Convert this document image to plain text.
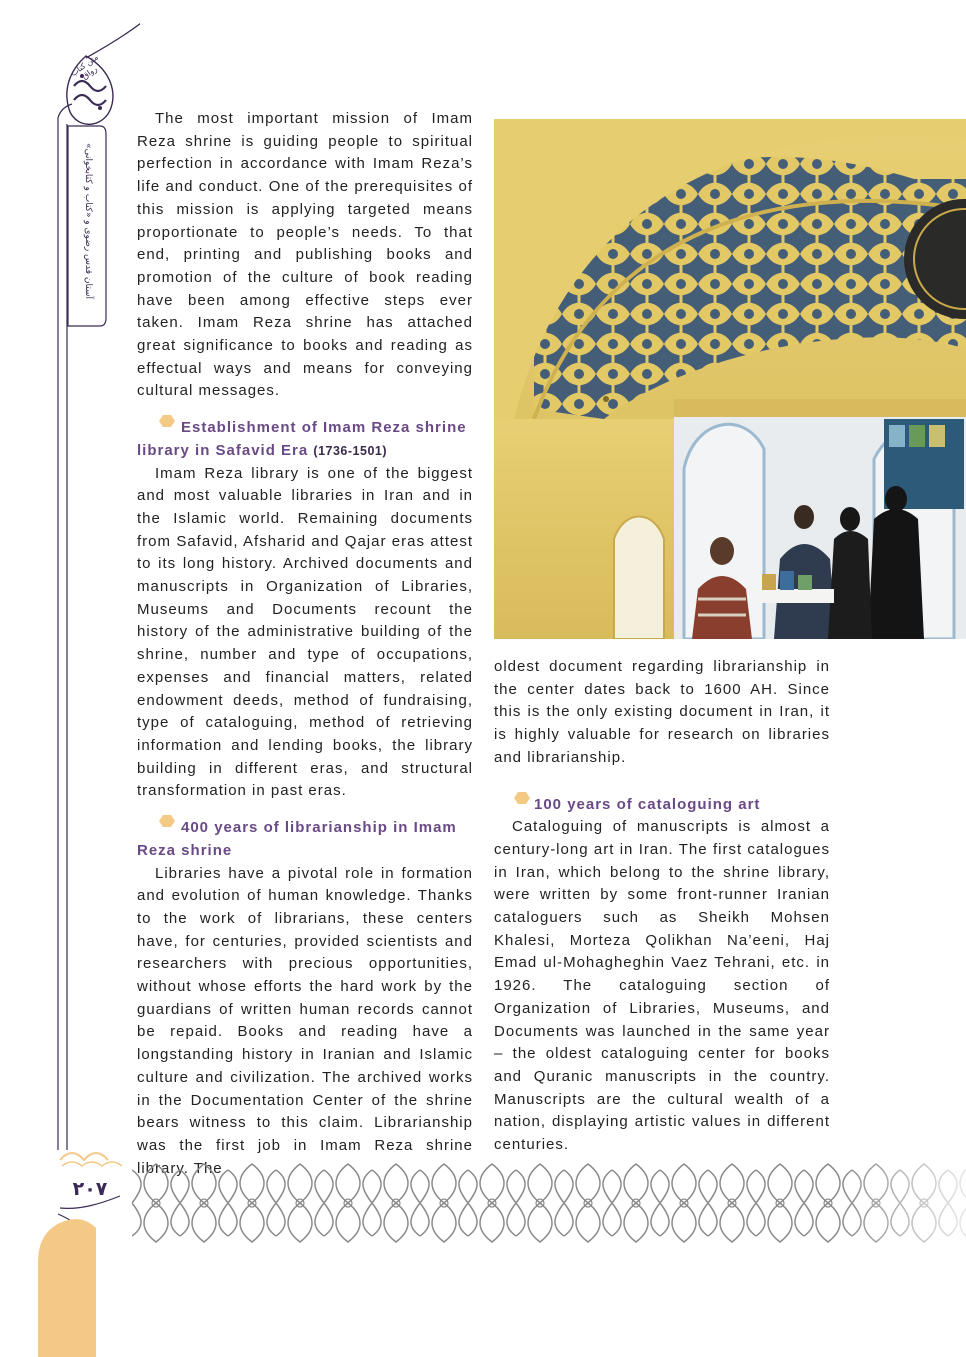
آستان قدس رضوی و «کتاب و کتابخوانی»
متن کتاب رواق
۲۰۷

The most important mission of Imam Reza shrine is guiding people to spiritual perfection in accordance with Imam Reza’s life and conduct. One of the prerequisites of this mission is applying targeted means proportionate to people’s needs. To that end, printing and publishing books and promotion of the culture of book reading have been among effective steps ever taken. Imam Reza shrine has attached great significance to books and reading as effectual ways and means for conveying cultural messages.

Establishment of Imam Reza shrine library in Safavid Era (1736-1501)

Imam Reza library is one of the biggest and most valuable libraries in Iran and in the Islamic world. Remaining documents from Safavid, Afsharid and Qajar eras attest to its long history. Archived documents and manuscripts in Organization of Libraries, Museums and Documents recount the history of the administrative building of the shrine, number and type of occupations, expenses and financial matters, related endowment deeds, method of fundraising, type of cataloguing, method of retrieving information and lending books, the library building in different eras, and structural transformation in past eras.

400 years of librarianship in Imam Reza shrine

Libraries have a pivotal role in formation and evolution of human knowledge. Thanks to the work of librarians, these centers have, for centuries, provided scientists and researchers with precious opportunities, without whose efforts the hard work by the guardians of written human records cannot be repaid. Books and reading have a longstanding history in Iranian and Islamic culture and civilization. The archived works in the Documentation Center of the shrine bears witness to this claim. Librarianship was the first job in Imam Reza shrine

oldest document regarding librarianship in the center dates back to 1600 AH. Since this is the only existing document in Iran, it is highly valuable for research on libraries and librarianship.

100 years of cataloguing art

Cataloguing of manuscripts is almost a century-long art in Iran. The first catalogues in Iran, which belong to the shrine library, were written by some front-runner Iranian cataloguers such as Sheikh Mohsen Khalesi, Morteza Qolikhan Na’eeni, Haj Emad ul-Mohagheghin Vaez Tehrani, etc. in 1926. The cataloguing section of Organization of Libraries, Museums, and Documents was launched in the same year – the oldest cataloguing center for books and Quranic manuscripts in the country. Manuscripts are the cultural wealth of a nation, displaying artistic values in different centuries.
